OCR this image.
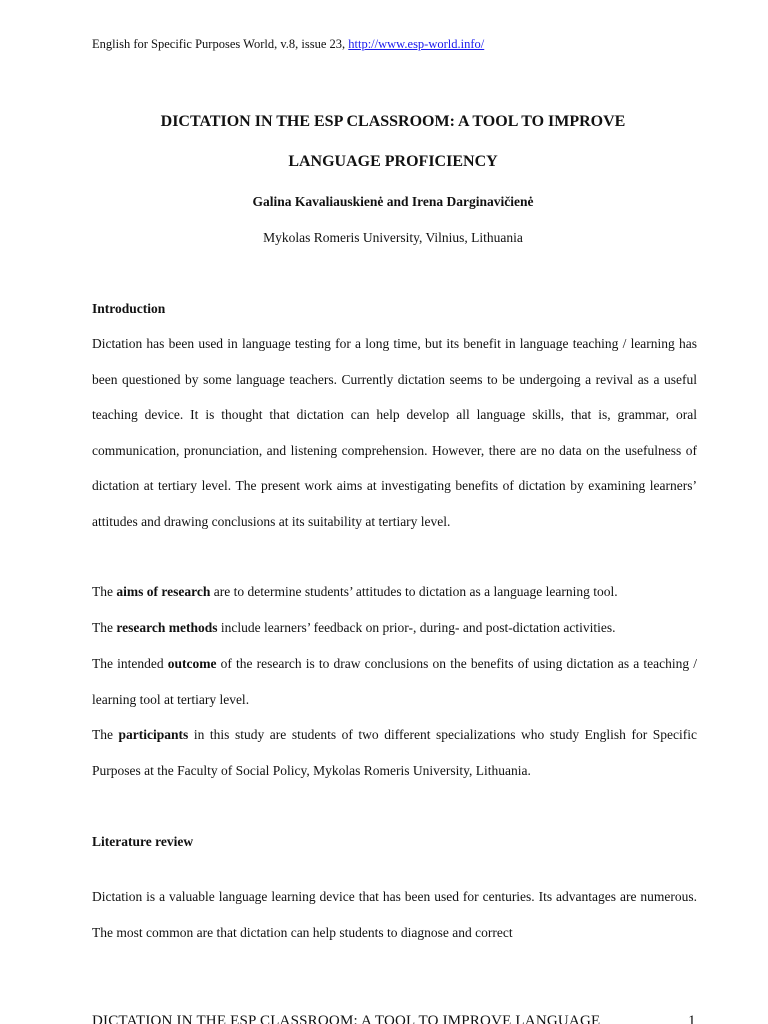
English for Specific Purposes World, v.8, issue 23, http://www.esp-world.info/
DICTATION IN THE ESP CLASSROOM: A TOOL TO IMPROVE
LANGUAGE PROFICIENCY
Galina Kavaliauskienė and Irena Darginavičienė
Mykolas Romeris University, Vilnius, Lithuania
Introduction

Dictation has been used in language testing for a long time, but its benefit in language teaching / learning has been questioned by some language teachers. Currently dictation seems to be undergoing a revival as a useful teaching device. It is thought that dictation can help develop all language skills, that is, grammar, oral communication, pronunciation, and listening comprehension. However, there are no data on the usefulness of dictation at tertiary level. The present work aims at investigating benefits of dictation by examining learners’ attitudes and drawing conclusions at its suitability at tertiary level.

The aims of research are to determine students’ attitudes to dictation as a language learning tool.

The research methods include learners’ feedback on prior-, during- and post-dictation activities.

The intended outcome of the research is to draw conclusions on the benefits of using dictation as a teaching / learning tool at tertiary level.

The participants in this study are students of two different specializations who study English for Specific Purposes at the Faculty of Social Policy, Mykolas Romeris University, Lithuania.

Literature review

Dictation is a valuable language learning device that has been used for centuries. Its advantages are numerous. The most common are that dictation can help students to diagnose and correct

DICTATION IN THE ESP CLASSROOM: A TOOL TO IMPROVE LANGUAGE	1
